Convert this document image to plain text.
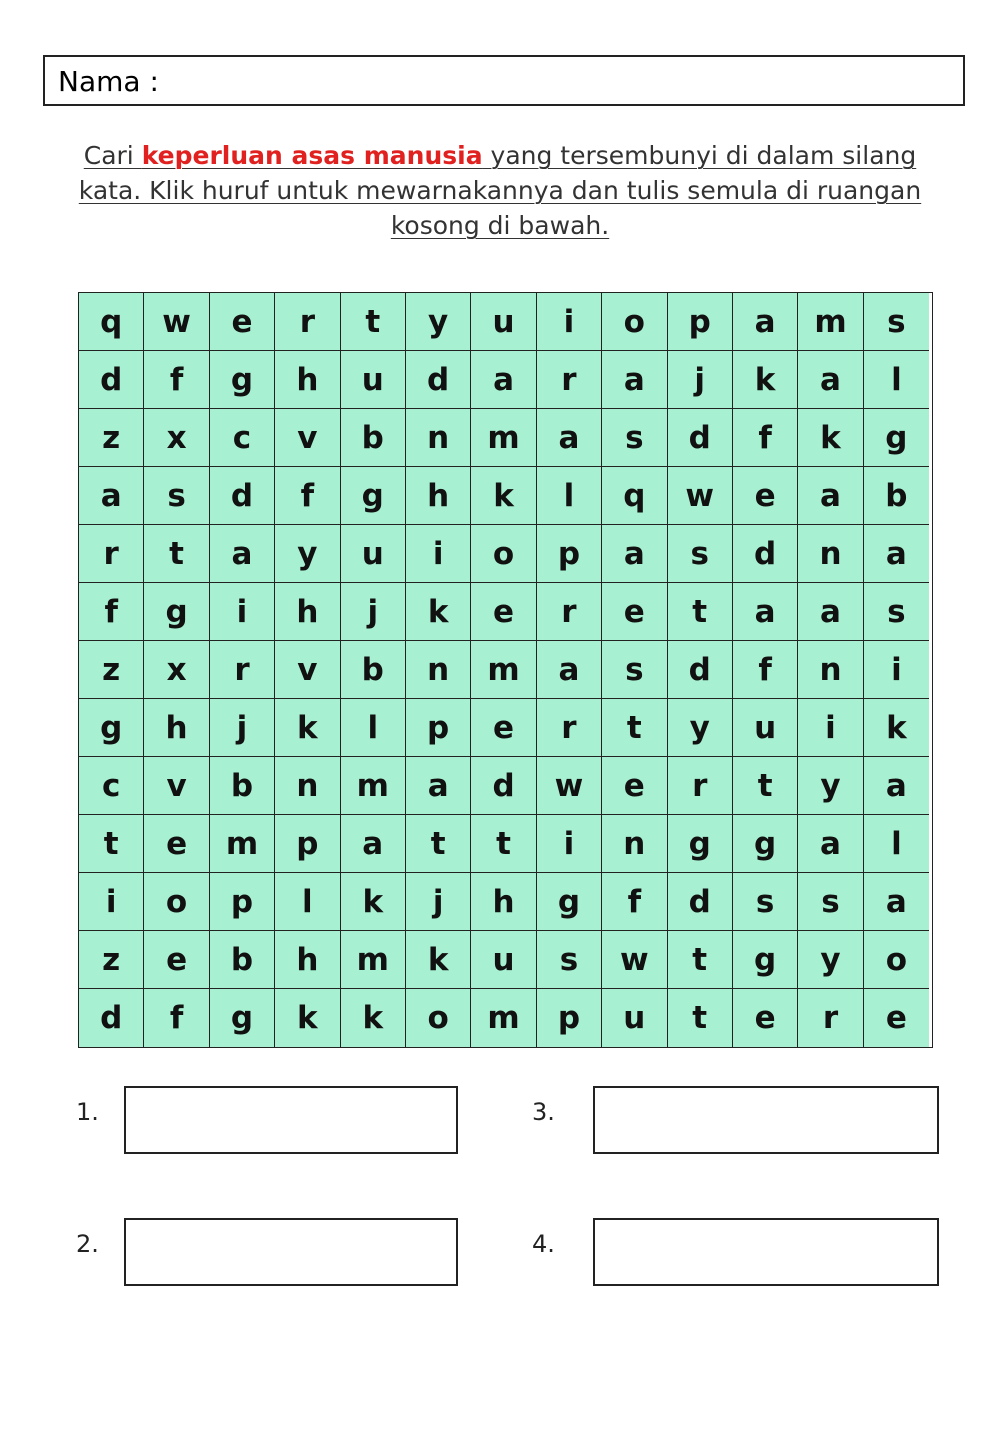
Nama :
Cari keperluan asas manusia yang tersembunyi di dalam silang kata. Klik huruf untuk mewarnakannya dan tulis semula di ruangan kosong di bawah.
q	w	e	r	t	y	u	i	o	p	a	m	s
d	f	g	h	u	d	a	r	a	j	k	a	l
z	x	c	v	b	n	m	a	s	d	f	k	g
a	s	d	f	g	h	k	l	q	w	e	a	b
r	t	a	y	u	i	o	p	a	s	d	n	a
f	g	i	h	j	k	e	r	e	t	a	a	s
z	x	r	v	b	n	m	a	s	d	f	n	i
g	h	j	k	l	p	e	r	t	y	u	i	k
c	v	b	n	m	a	d	w	e	r	t	y	a
t	e	m	p	a	t	t	i	n	g	g	a	l
i	o	p	l	k	j	h	g	f	d	s	s	a
z	e	b	h	m	k	u	s	w	t	g	y	o
d	f	g	k	k	o	m	p	u	t	e	r	e
1.
2.
3.
4.
